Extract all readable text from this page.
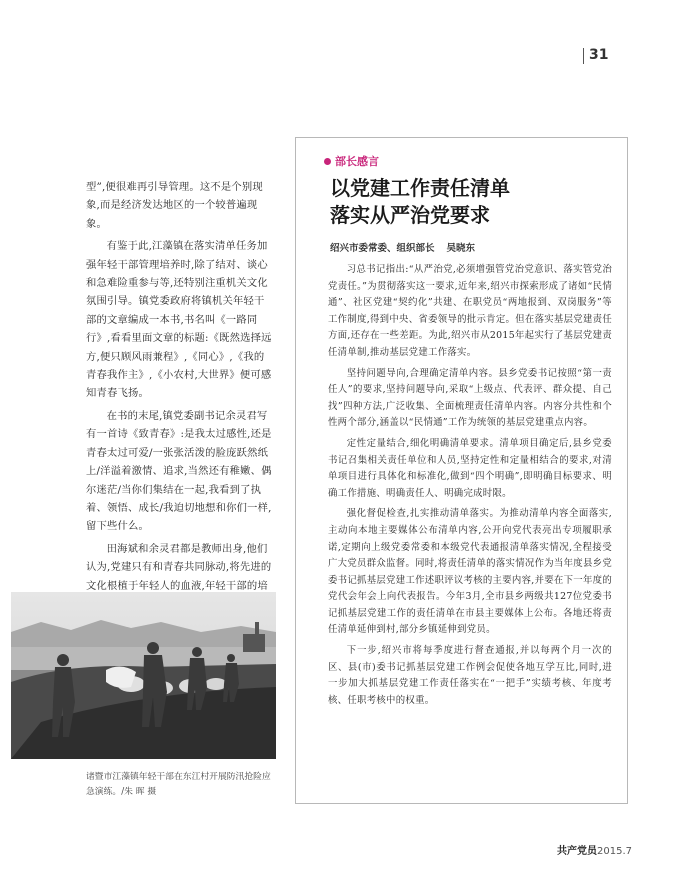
31

型”,便很难再引导管理。这不是个别现象,而是经济发达地区的一个较普遍现象。

有鉴于此,江藻镇在落实清单任务加强年轻干部管理培养时,除了结对、谈心和急难险重参与等,还特别注重机关文化氛围引导。镇党委政府将镇机关年轻干部的文章编成一本书,书名叫《一路同行》,看看里面文章的标题:《既然选择远方,便只顾风雨兼程》,《同心》,《我的青春我作主》,《小农村,大世界》便可感知青春飞扬。

在书的末尾,镇党委副书记余灵君写有一首诗《致青春》:是我太过感性,还是青春太过可爱/一张张活泼的脸庞跃然纸上/洋溢着激情、追求,当然还有稚嫩、偶尔迷茫/当你们集结在一起,我看到了执着、领悟、成长/我迫切地想和你们一样,留下些什么。

田海斌和余灵君都是教师出身,他们认为,党建只有和青春共同脉动,将先进的文化根植于年轻人的血液,年轻干部的培

诸暨市江藻镇年轻干部在东江村开展防汛抢险应急演练。/朱 晖 摄
部长感言
以党建工作责任清单
落实从严治党要求
绍兴市委常委、组织部长 吴晓东

习总书记指出:“从严治党,必须增强管党治党意识、落实管党治党责任。”为贯彻落实这一要求,近年来,绍兴市探索形成了诸如“民情通”、社区党建“契约化”共建、在职党员“两地报到、双岗服务”等工作制度,得到中央、省委领导的批示肯定。但在落实基层党建责任方面,还存在一些差距。为此,绍兴市从2015年起实行了基层党建责任清单制,推动基层党建工作落实。

坚持问题导向,合理确定清单内容。县乡党委书记按照“第一责任人”的要求,坚持问题导向,采取“上级点、代表评、群众提、自己找”四种方法,广泛收集、全面梳理责任清单内容。内容分共性和个性两个部分,涵盖以“民情通”工作为统领的基层党建重点内容。

定性定量结合,细化明确清单要求。清单项目确定后,县乡党委书记召集相关责任单位和人员,坚持定性和定量相结合的要求,对清单项目进行具体化和标准化,做到“四个明确”,即明确目标要求、明确工作措施、明确责任人、明确完成时限。

强化督促检查,扎实推动清单落实。为推动清单内容全面落实,主动向本地主要媒体公布清单内容,公开向党代表亮出专项履职承诺,定期向上级党委常委和本级党代表通报清单落实情况,全程接受广大党员群众监督。同时,将责任清单的落实情况作为当年度县乡党委书记抓基层党建工作述职评议考核的主要内容,并要在下一年度的党代会年会上向代表报告。今年3月,全市县乡两级共127位党委书记抓基层党建工作的责任清单在市县主要媒体上公布。各地还将责任清单延伸到村,部分乡镇延伸到党员。

下一步,绍兴市将每季度进行督查通报,并以每两个月一次的区、县(市)委书记抓基层党建工作例会促使各地互学互比,同时,进一步加大抓基层党建工作责任落实在“一把手”实绩考核、年度考核、任职考核中的权重。

共产党员2015.7
